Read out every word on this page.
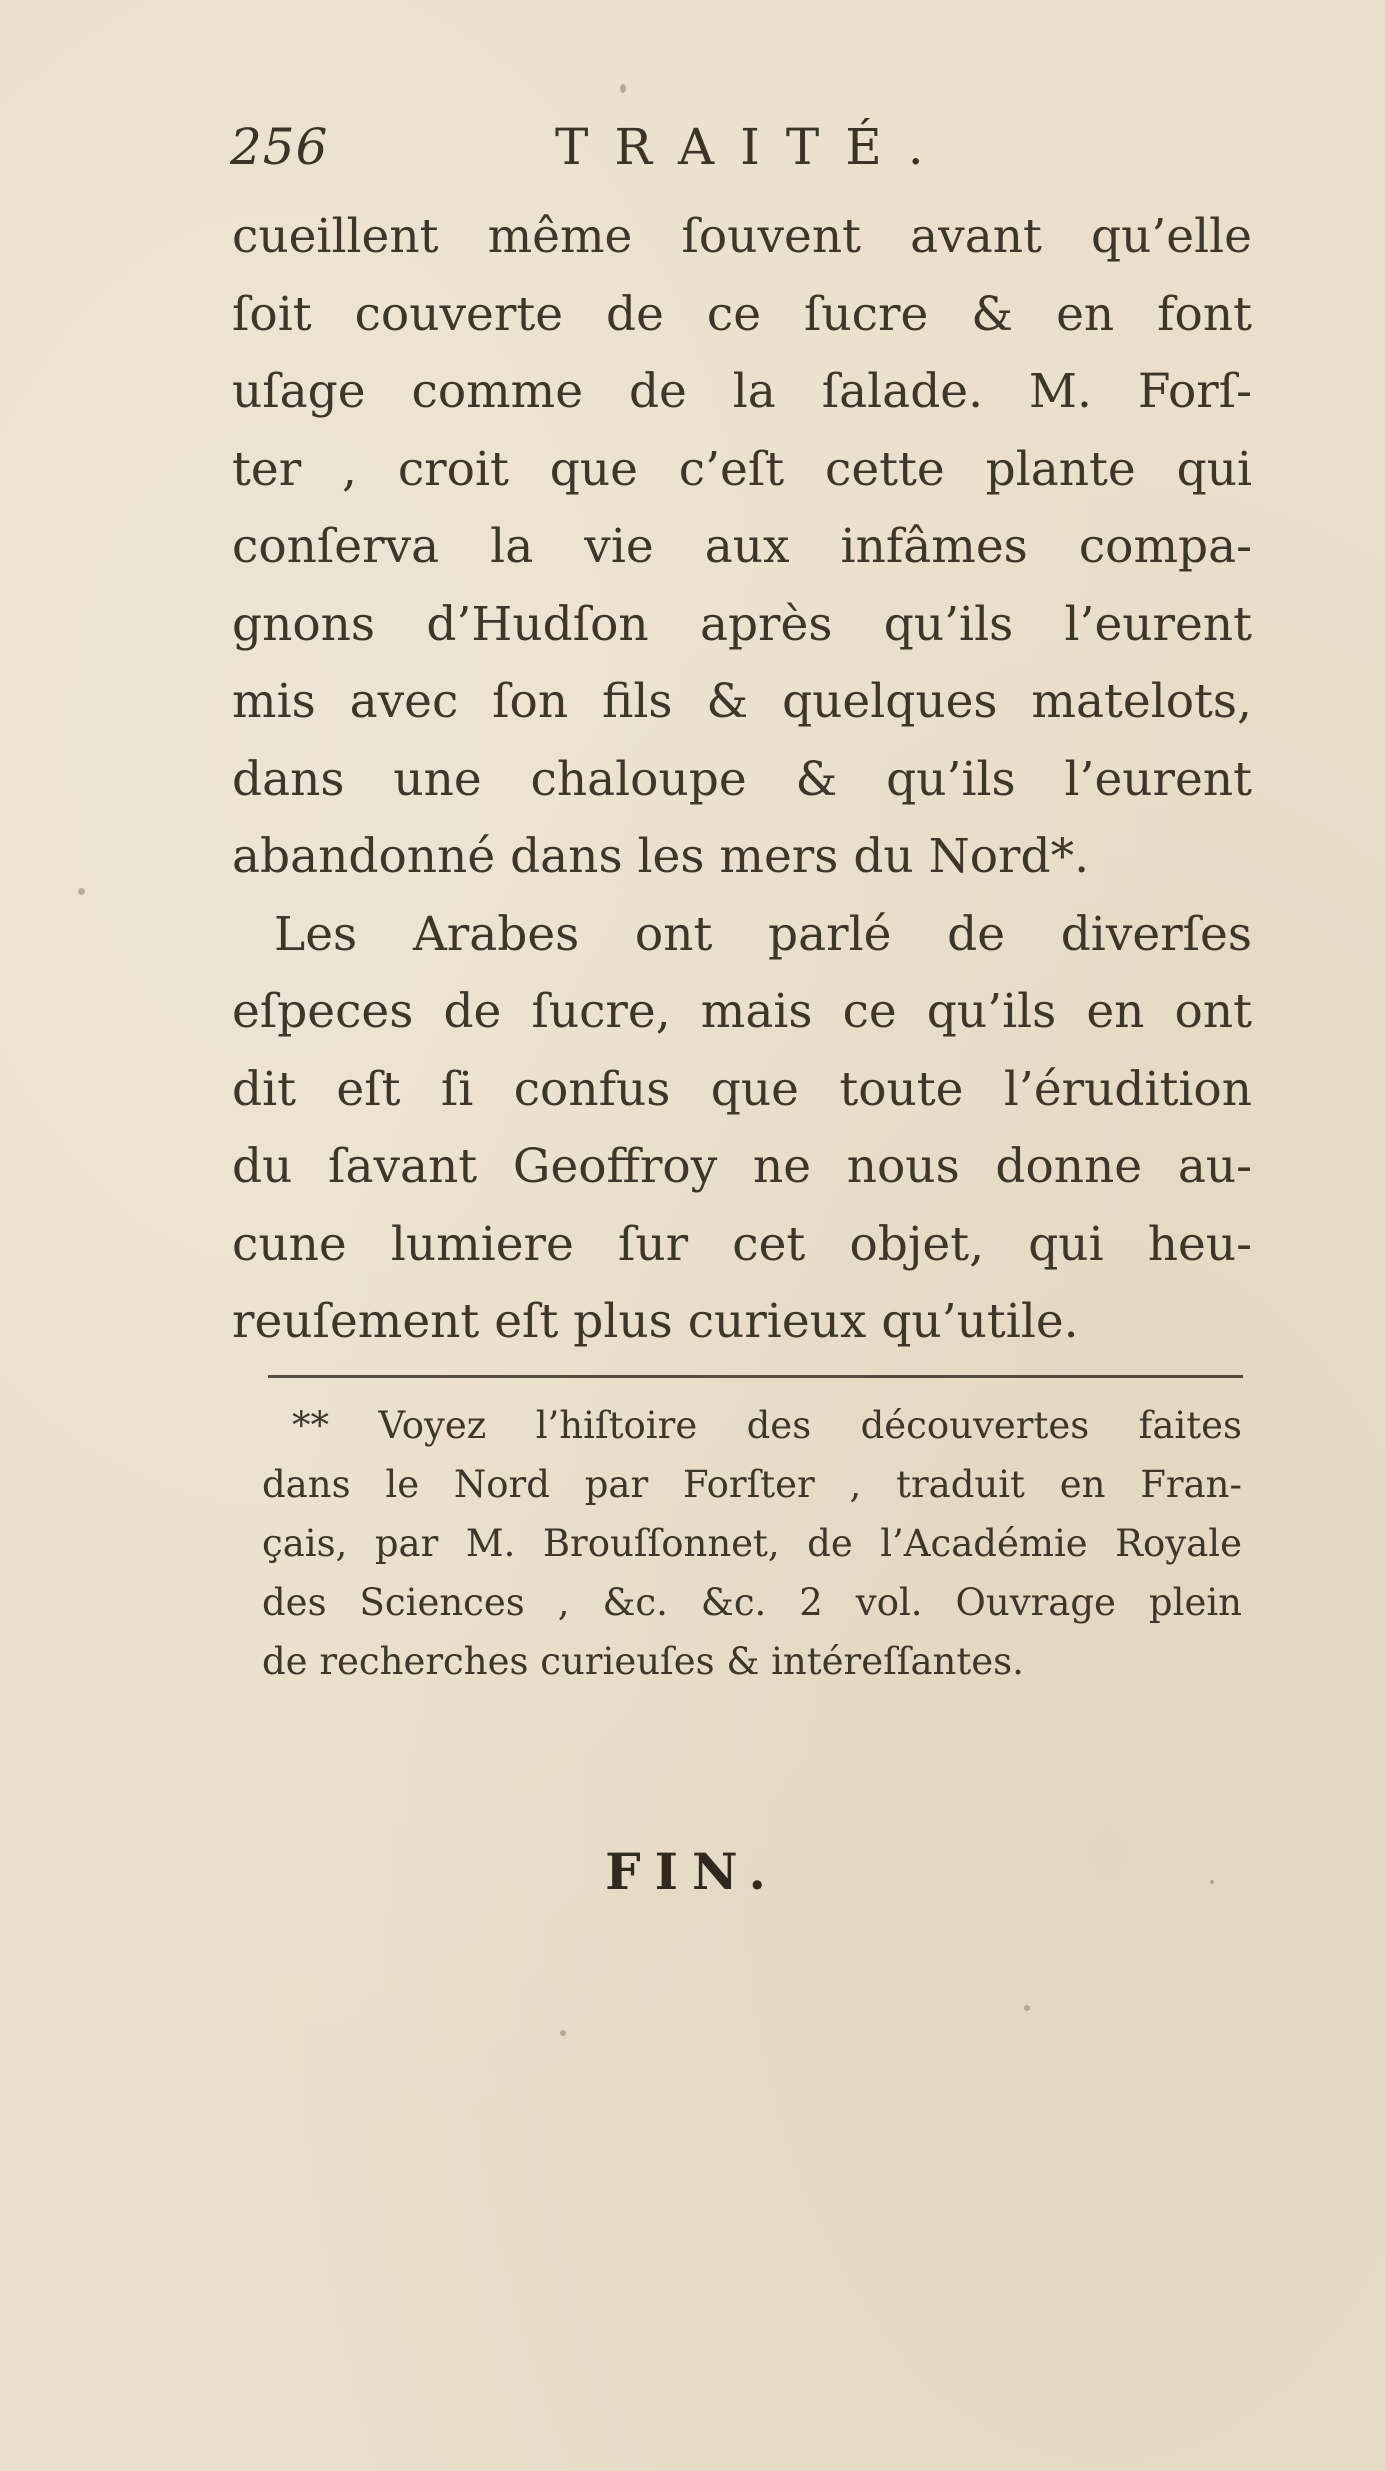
256	TRAITÉ.
cueillent même ſouvent avant qu’elle
ſoit couverte de ce ſucre & en font
uſage comme de la ſalade. M. Forſ-
ter , croit que c’eſt cette plante qui
conſerva la vie aux infâmes compa-
gnons d’Hudſon après qu’ils l’eurent
mis avec ſon fils & quelques matelots,
dans une chaloupe & qu’ils l’eurent
abandonné dans les mers du Nord*.
Les Arabes ont parlé de diverſes
eſpeces de ſucre, mais ce qu’ils en ont
dit eſt ſi confus que toute l’érudition
du ſavant Geoffroy ne nous donne au-
cune lumiere ſur cet objet, qui heu-
reuſement eſt plus curieux qu’utile.
** Voyez l’hiſtoire des découvertes faites
dans le Nord par Forſter , traduit en Fran-
çais, par M. Brouſſonnet, de l’Académie Royale
des Sciences , &c. &c. 2 vol. Ouvrage plein
de recherches curieuſes & intéreſſantes.
FIN.
